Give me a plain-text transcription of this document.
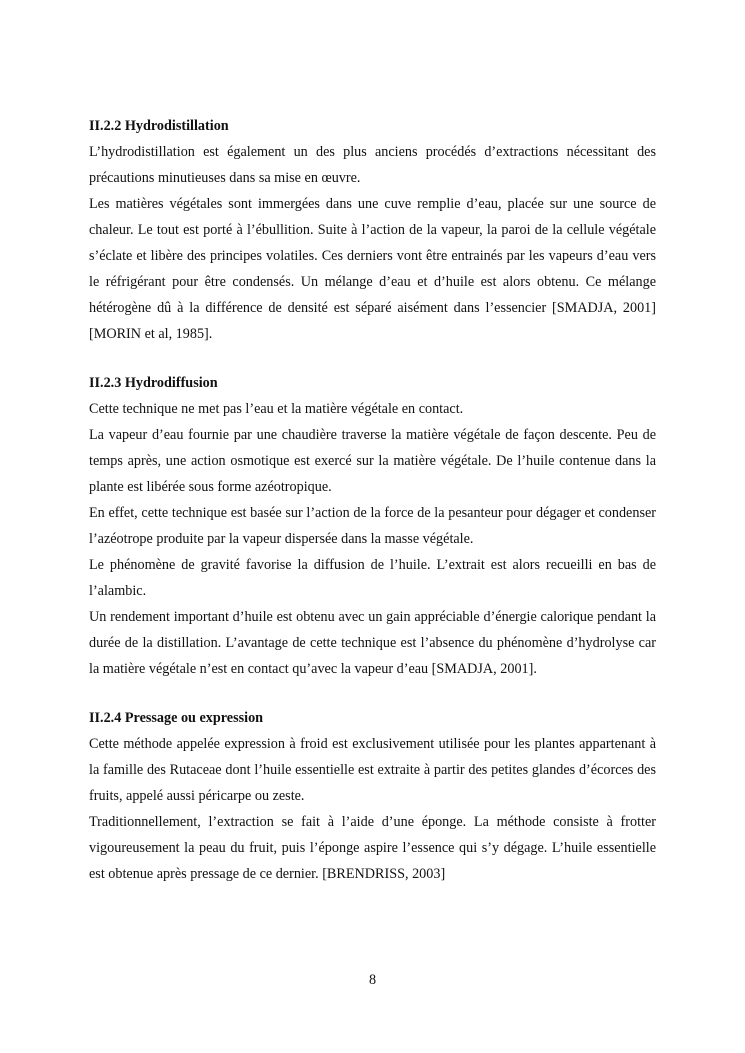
II.2.2 Hydrodistillation

L’hydrodistillation est également un des plus anciens procédés d’extractions nécessitant des précautions minutieuses dans sa mise en œuvre.

Les matières végétales sont immergées dans une cuve remplie d’eau, placée sur une source de chaleur. Le tout est porté à l’ébullition. Suite à l’action de la vapeur, la paroi de la cellule végétale s’éclate et libère des principes volatiles. Ces derniers vont être entrainés par les vapeurs d’eau vers le réfrigérant pour être condensés. Un mélange d’eau et d’huile est alors obtenu. Ce mélange hétérogène dû à la différence de densité est séparé aisément dans l’essencier [SMADJA, 2001] [MORIN et al, 1985].

II.2.3 Hydrodiffusion

Cette technique ne met pas l’eau et la matière végétale en contact.

La vapeur d’eau fournie par une chaudière traverse la matière végétale de façon descente. Peu de temps après, une action osmotique est exercé sur la matière végétale. De l’huile contenue dans la plante est libérée sous forme azéotropique.

En effet, cette technique est basée sur l’action de la force de la pesanteur pour dégager et condenser l’azéotrope produite par la vapeur dispersée dans la masse végétale.

Le phénomène de gravité favorise la diffusion de l’huile. L’extrait est alors recueilli en bas de l’alambic.

Un rendement important d’huile est obtenu avec un gain appréciable d’énergie calorique pendant la durée de la distillation. L’avantage de cette technique est l’absence du phénomène d’hydrolyse car la matière végétale n’est en contact qu’avec la vapeur d’eau [SMADJA, 2001].

II.2.4 Pressage ou expression

Cette méthode appelée expression à froid est exclusivement utilisée pour les plantes appartenant à la famille des Rutaceae dont l’huile essentielle est extraite à partir des petites glandes d’écorces des fruits, appelé aussi péricarpe ou zeste.

Traditionnellement, l’extraction se fait à l’aide d’une éponge. La méthode consiste à frotter vigoureusement la peau du fruit, puis l’éponge aspire l’essence qui s’y dégage. L’huile essentielle est obtenue après pressage de ce dernier. [BRENDRISS, 2003]

8
